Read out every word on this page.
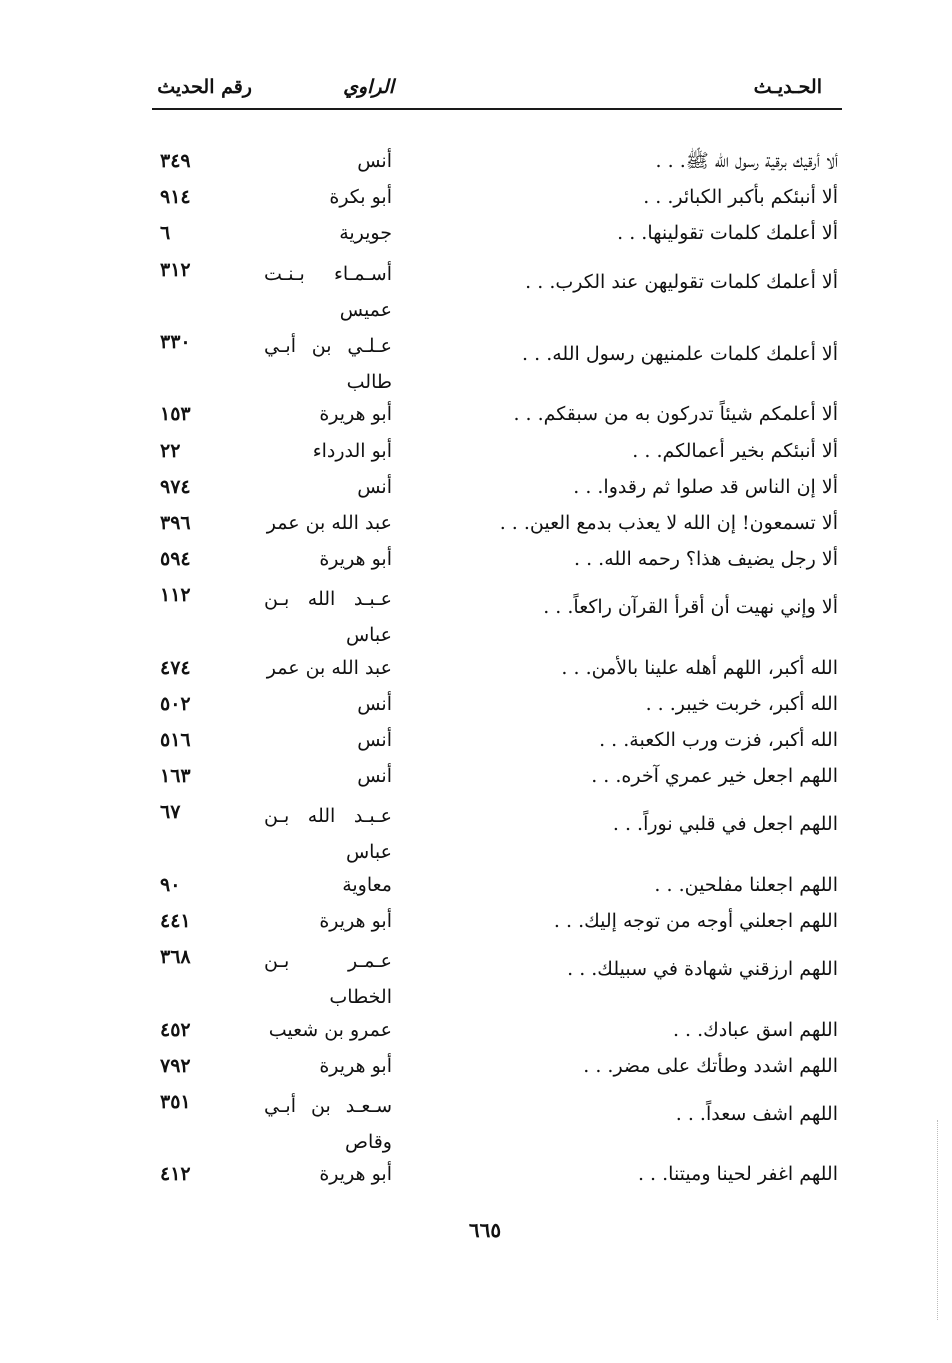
الحـديـث
الراوي
رقم الحديث
ألا أرقيك برقية رسول الله ﷺ. . .
أنس
٣٤٩
ألا أنبئكم بأكبر الكبائر. . .
أبو بكرة
٩١٤
ألا أعلمك كلمات تقولينها. . .
جويرية
٦
ألا أعلمك كلمات تقوليهن عند الكرب. . .
أسـمـاء بـنـت عميس
٣١٢
ألا أعلمك كلمات علمنيهن رسول الله. . .
عـلـي بن أبـي طالب
٣٣٠
ألا أعلمكم شيئاً تدركون به من سبقكم. . .
أبو هريرة
١٥٣
ألا أنبئكم بخير أعمالكم. . .
أبو الدرداء
٢٢
ألا إن الناس قد صلوا ثم رقدوا. . .
أنس
٩٧٤
ألا تسمعون! إن الله لا يعذب بدمع العين. . .
عبد الله بن عمر
٣٩٦
ألا رجل يضيف هذا؟ رحمه الله. . .
أبو هريرة
٥٩٤
ألا وإني نهيت أن أقرأ القرآن راكعاً. . .
عـبـد الله بـن عباس
١١٢
الله أكبر، اللهم أهله علينا بالأمن. . .
عبد الله بن عمر
٤٧٤
الله أكبر، خربت خيبر. . .
أنس
٥٠٢
الله أكبر، فزت ورب الكعبة. . .
أنس
٥١٦
اللهم اجعل خير عمري آخره. . .
أنس
١٦٣
اللهم اجعل في قلبي نوراً. . .
عـبـد الله بـن عباس
٦٧
اللهم اجعلنا مفلحين. . .
معاوية
٩٠
اللهم اجعلني أوجه من توجه إليك. . .
أبو هريرة
٤٤١
اللهم ارزقني شهادة في سبيلك. . .
عـمـر بـن الخطاب
٣٦٨
اللهم اسق عبادك. . .
عمرو بن شعيب
٤٥٢
اللهم اشدد وطأتك على مضر. . .
أبو هريرة
٧٩٢
اللهم اشف سعداً. . .
سـعـد بن أبـي وقاص
٣٥١
اللهم اغفر لحينا وميتنا. . .
أبو هريرة
٤١٢
٦٦٥
